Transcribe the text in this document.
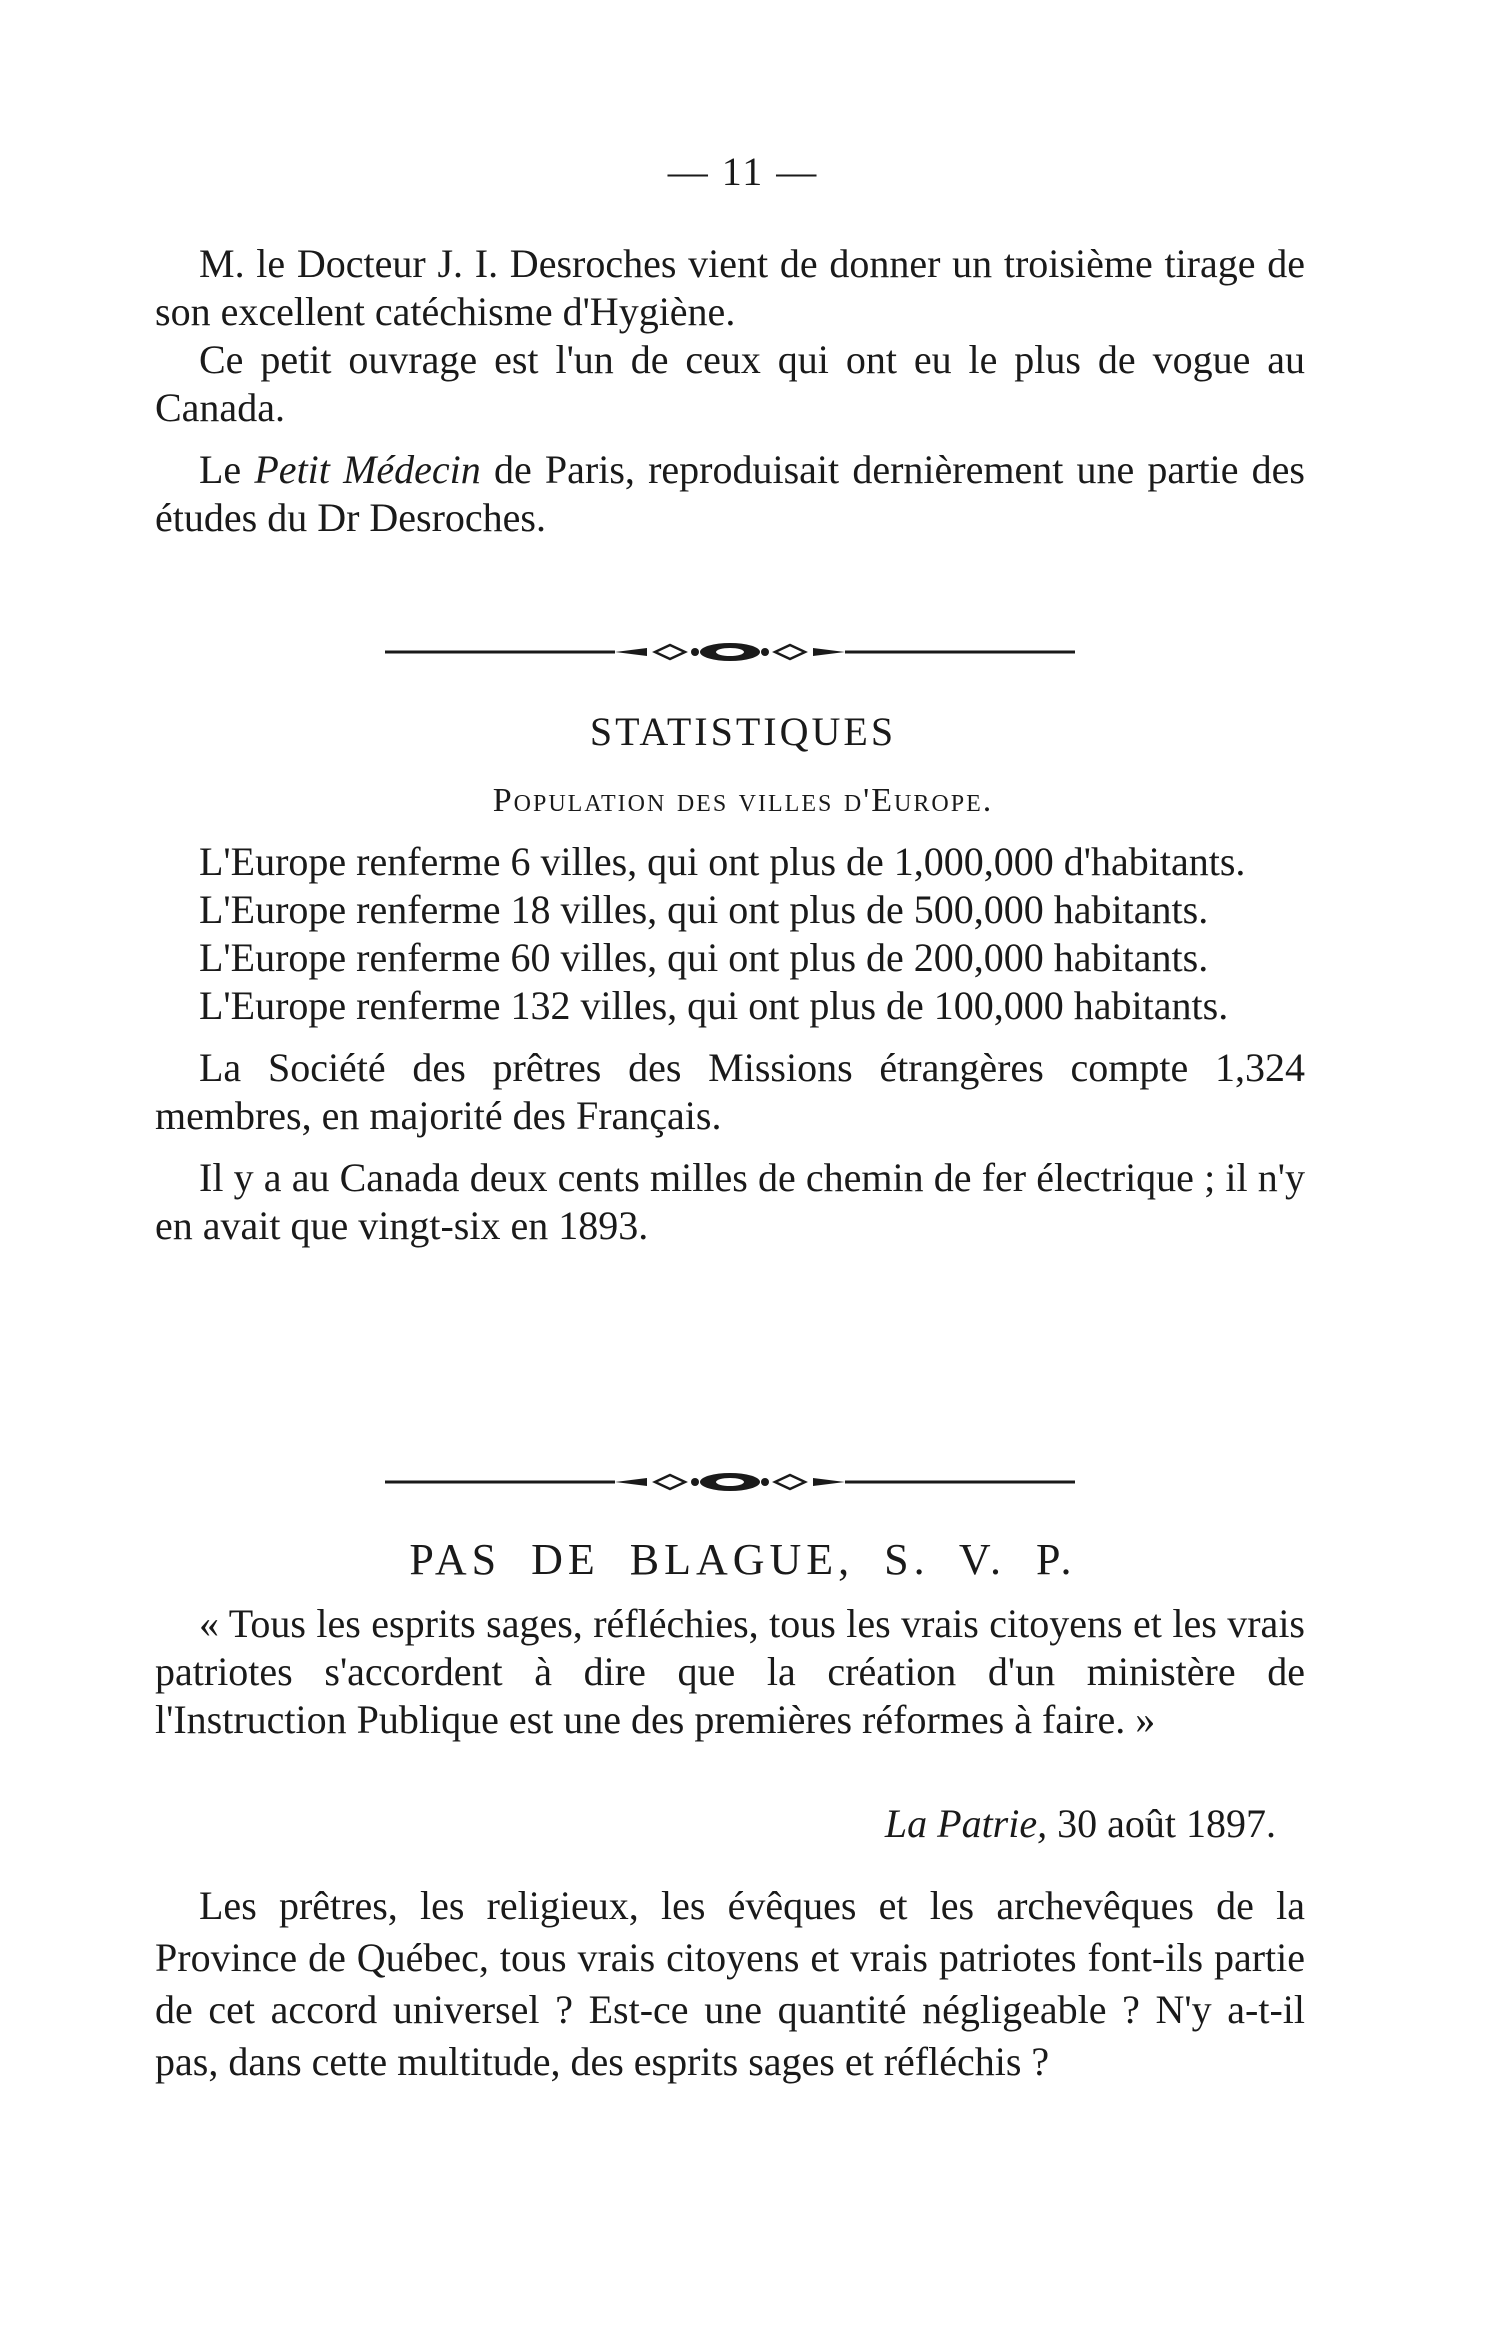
— 11 —

M. le Docteur J. I. Desroches vient de donner un troisième tirage de son excellent catéchisme d'Hygiène.

Ce petit ouvrage est l'un de ceux qui ont eu le plus de vogue au Canada.

Le Petit Médecin de Paris, reproduisait dernièrement une partie des études du Dr Desroches.

STATISTIQUES
Population des villes d'Europe.

L'Europe renferme 6 villes, qui ont plus de 1,000,000 d'habitants.

L'Europe renferme 18 villes, qui ont plus de 500,000 habitants.

L'Europe renferme 60 villes, qui ont plus de 200,000 habitants.

L'Europe renferme 132 villes, qui ont plus de 100,000 habitants.

La Société des prêtres des Missions étrangères compte 1,324 membres, en majorité des Français.

Il y a au Canada deux cents milles de chemin de fer électrique ; il n'y en avait que vingt-six en 1893.

PAS DE BLAGUE, S. V. P.

« Tous les esprits sages, réfléchies, tous les vrais citoyens et les vrais patriotes s'accordent à dire que la création d'un ministère de l'Instruction Publique est une des premières réformes à faire. »

La Patrie, 30 août 1897.

Les prêtres, les religieux, les évêques et les archevêques de la Province de Québec, tous vrais citoyens et vrais patriotes font-ils partie de cet accord universel ? Est-ce une quantité négligeable ? N'y a-t-il pas, dans cette multitude, des esprits sages et réfléchis ?
